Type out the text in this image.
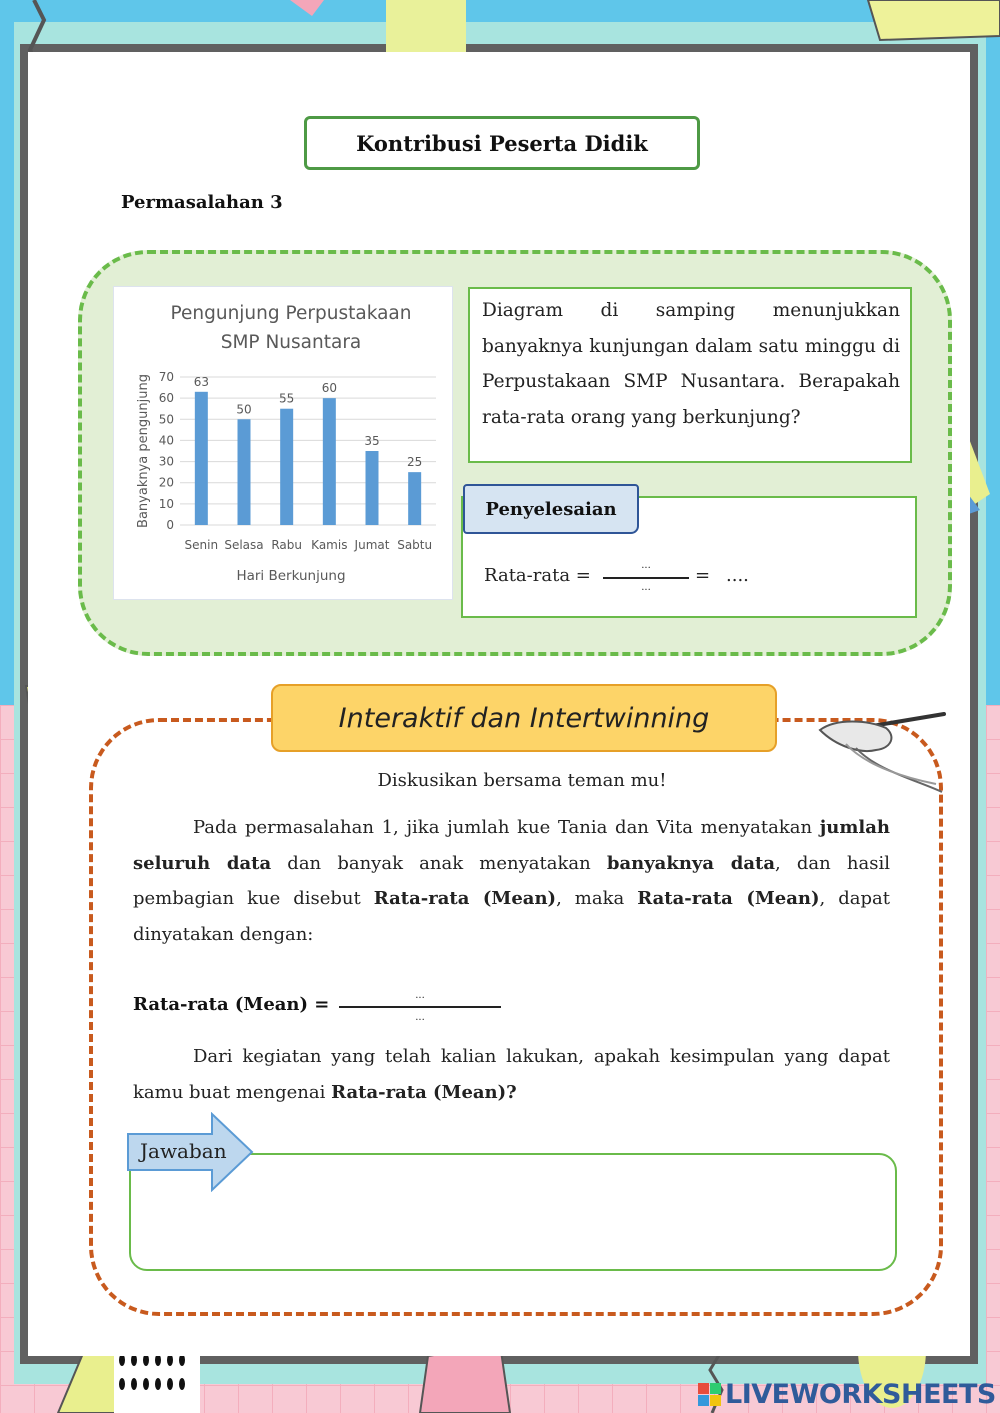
Kontribusi Peserta Didik
Permasalahan 3
Pengunjung Perpustakaan
SMP Nusantara
0
10
20
30
40
50
60
70 63
Senin
50
Selasa
55
Rabu
60
Kamis
35
Jumat
25
Sabtu
Hari Berkunjung
Banyaknya pengunjung
Diagram di samping menunjukkan banyaknya kunjungan dalam satu minggu di Perpustakaan SMP Nusantara. Berapakah rata-rata orang yang berkunjung?
Penyelesaian
Rata-rata =	...
...
= ....
Interaktif dan Intertwinning
Diskusikan bersama teman mu!

Pada permasalahan 1, jika jumlah kue Tania dan Vita menyatakan jumlah seluruh data dan banyak anak menyatakan banyaknya data, dan hasil pembagian kue disebut Rata-rata (Mean), maka Rata-rata (Mean), dapat dinyatakan dengan:

Rata-rata (Mean) =	...
...

Dari kegiatan yang telah kalian lakukan, apakah kesimpulan yang dapat kamu buat mengenai Rata-rata (Mean)?

Jawaban
LIVEWORKSHEETS
